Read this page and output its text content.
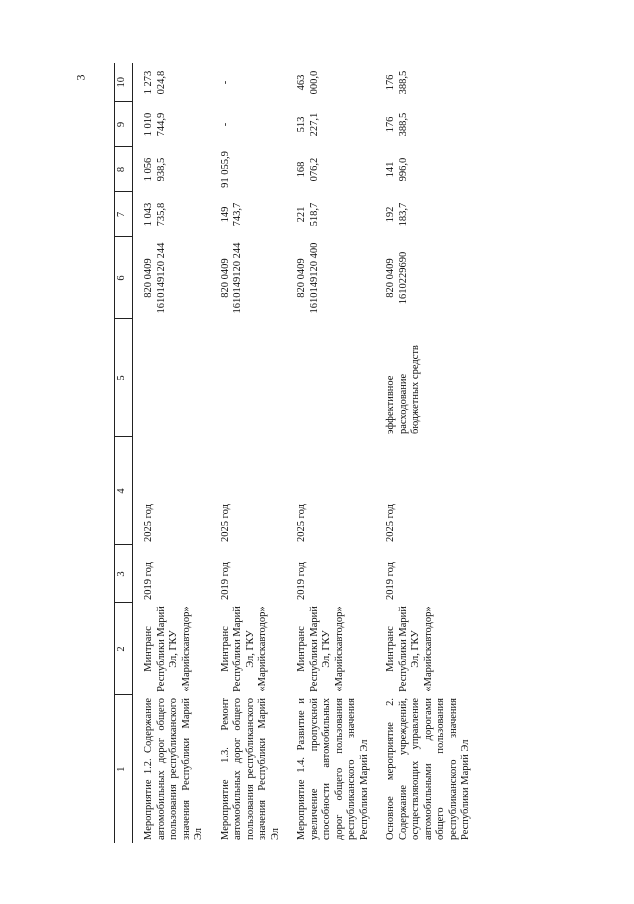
3
1	2	3	4	5	6	7	8	9	10
Мероприятие 1.2. Содержание автомобильных дорог общего пользования республиканского значения Республики Марий Эл	Минтранс Республики Марий Эл, ГКУ «Марийскавтодор»	2019 год	2025 год		820 0409 1610149120 244	1 043 735,8	1 056 938,5	1 010 744,9	1 273 024,8
Мероприятие 1.3. Ремонт автомобильных дорог общего пользования республиканского значения Республики Марий Эл	Минтранс Республики Марий Эл, ГКУ «Марийскавтодор»	2019 год	2025 год		820 0409 1610149120 244	149 743,7	91 055,9	-	-
Мероприятие 1.4. Развитие и увеличение пропускной способности автомобильных дорог общего пользования республиканского значения Республики Марий Эл	Минтранс Республики Марий Эл, ГКУ «Марийскавтодор»	2019 год	2025 год		820 0409 1610149120 400	221 518,7	168 076,2	513 227,1	463 000,0
Основное мероприятие 2. Содержание учреждений, осуществляющих управление автомобильными дорогами общего пользования республиканского значения Республики Марий Эл	Минтранс Республики Марий Эл, ГКУ «Марийскавтодор»	2019 год	2025 год	эффективное расходование бюджетных средств	820 0409 1610229690	192 183,7	141 996,0	176 388,5	176 388,5
